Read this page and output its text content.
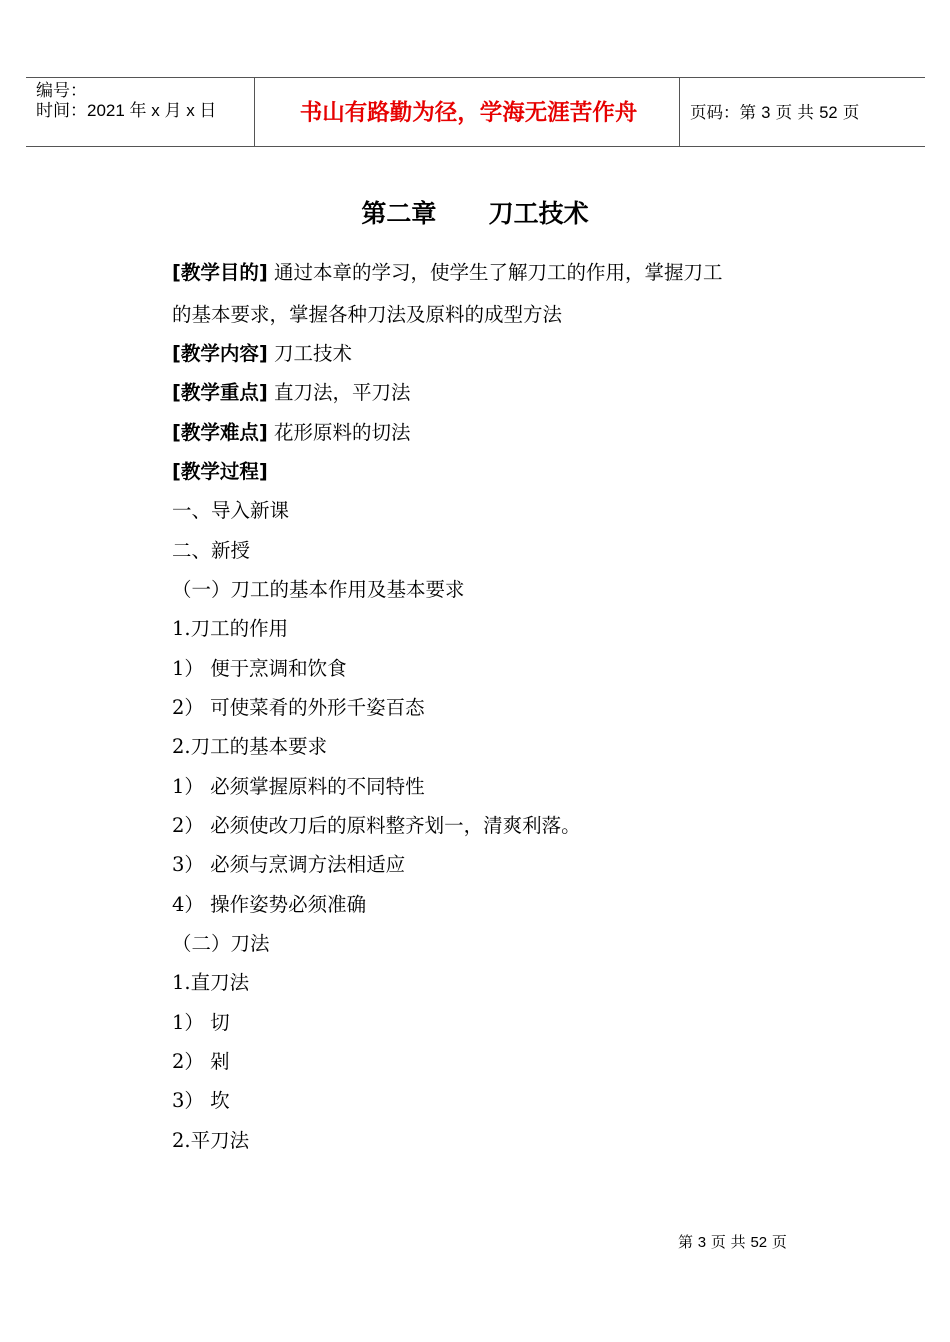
编号：
时间：2021 年 x 月 x 日	书山有路勤为径，学海无涯苦作舟	页码：第 3 页 共 52 页
第二章      刀工技术
[教学目的] 通过本章的学习，使学生了解刀工的作用，掌握刀工
的基本要求，掌握各种刀法及原料的成型方法
[教学内容] 刀工技术
[教学重点] 直刀法，平刀法
[教学难点] 花形原料的切法
[教学过程]
一、导入新课
二、新授
（一）刀工的基本作用及基本要求
1.刀工的作用
1） 便于烹调和饮食
2） 可使菜肴的外形千姿百态
2.刀工的基本要求
1） 必须掌握原料的不同特性
2） 必须使改刀后的原料整齐划一，清爽利落。
3） 必须与烹调方法相适应
4） 操作姿势必须准确
（二）刀法
1.直刀法
1） 切
2） 剁
3） 坎
2.平刀法
第 3 页 共 52 页
